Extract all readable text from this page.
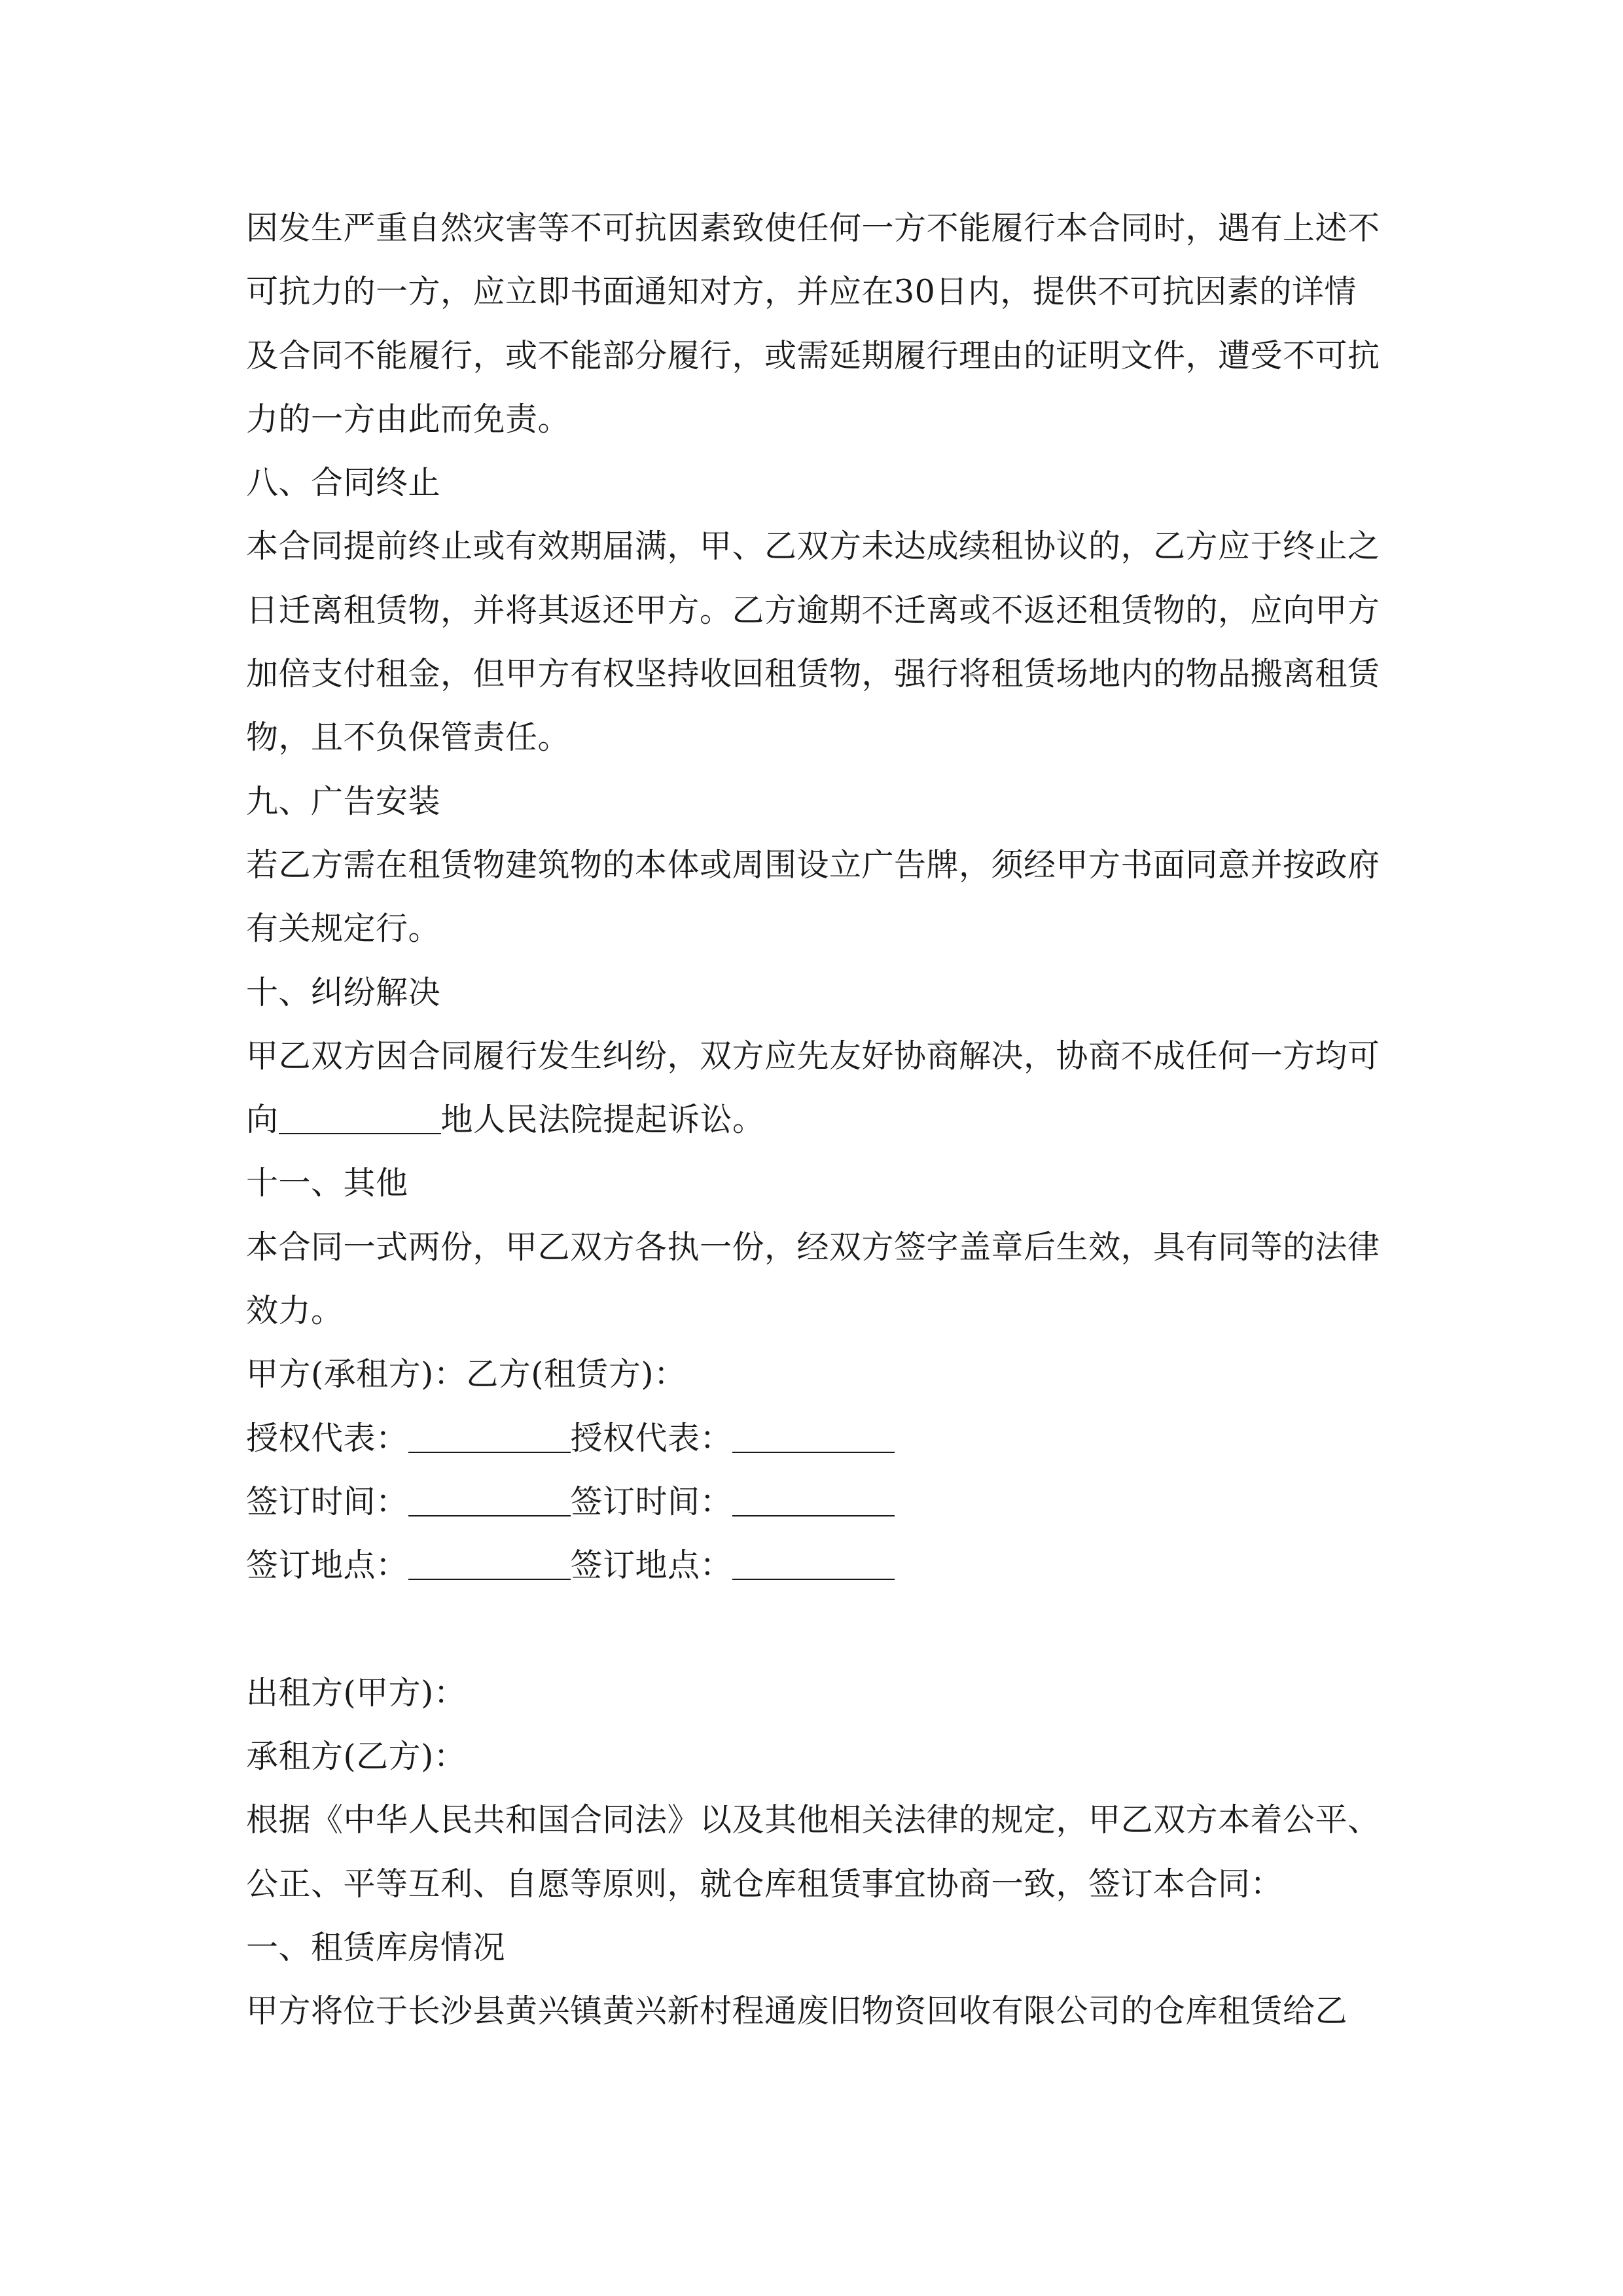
因发生严重自然灾害等不可抗因素致使任何一方不能履行本合同时，遇有上述不
可抗力的一方，应立即书面通知对方，并应在30日内，提供不可抗因素的详情
及合同不能履行，或不能部分履行，或需延期履行理由的证明文件，遭受不可抗
力的一方由此而免责。
八、合同终止
本合同提前终止或有效期届满，甲、乙双方未达成续租协议的，乙方应于终止之
日迁离租赁物，并将其返还甲方。乙方逾期不迁离或不返还租赁物的，应向甲方
加倍支付租金，但甲方有权坚持收回租赁物，强行将租赁场地内的物品搬离租赁
物，且不负保管责任。
九、广告安装
若乙方需在租赁物建筑物的本体或周围设立广告牌，须经甲方书面同意并按政府
有关规定行。
十、纠纷解决
甲乙双方因合同履行发生纠纷，双方应先友好协商解决，协商不成任何一方均可
向	地人民法院提起诉讼。
十一、其他
本合同一式两份，甲乙双方各执一份，经双方签字盖章后生效，具有同等的法律
效力。
甲方(承租方)：乙方(租赁方)：
授权代表：	授权代表：
签订时间：	签订时间：
签订地点：	签订地点：
出租方(甲方)：
承租方(乙方)：
根据《中华人民共和国合同法》以及其他相关法律的规定，甲乙双方本着公平、
公正、平等互利、自愿等原则，就仓库租赁事宜协商一致，签订本合同：
一、租赁库房情况
甲方将位于长沙县黄兴镇黄兴新村程通废旧物资回收有限公司的仓库租赁给乙
